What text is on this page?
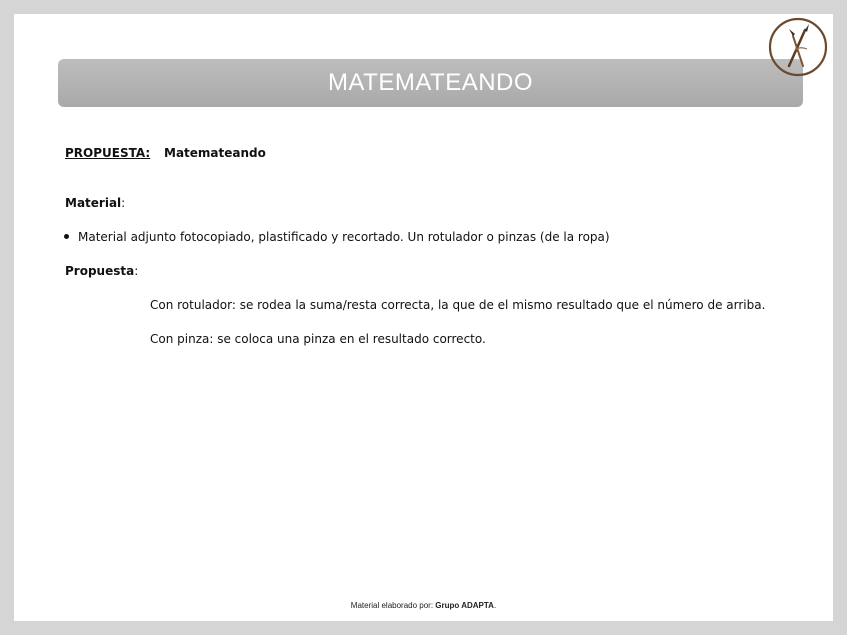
MATEMATEANDO
PROPUESTA: Matemateando
Material:
Material adjunto fotocopiado, plastificado y recortado. Un rotulador o pinzas (de la ropa)
Propuesta:
Con rotulador: se rodea la suma/resta correcta, la que de el mismo resultado que el número de arriba.
Con pinza: se coloca una pinza en el resultado correcto.
Material elaborado por: Grupo ADAPTA.
